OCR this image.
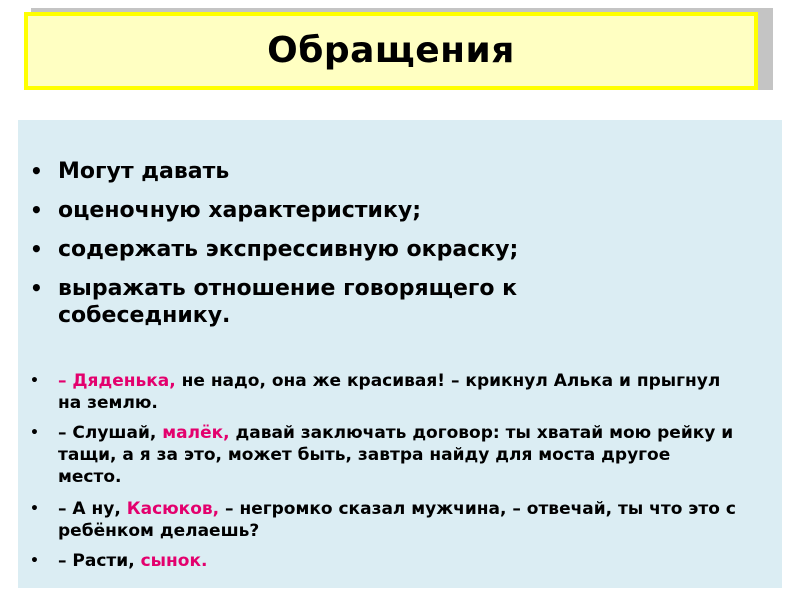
Обращения
• Могут давать
• оценочную характеристику;
• содержать экспрессивную окраску;
• выражать отношение говорящего к собеседнику.
• – Дяденька, не надо, она же красивая! – крикнул Алька и прыгнул на землю.
• – Слушай, малёк, давай заключать договор: ты хватай мою рейку и тащи, а я за это, может быть, завтра найду для моста другое место.
• – А ну, Касюков, – негромко сказал мужчина, – отвечай, ты что это с ребёнком делаешь?
• – Расти, сынок.
